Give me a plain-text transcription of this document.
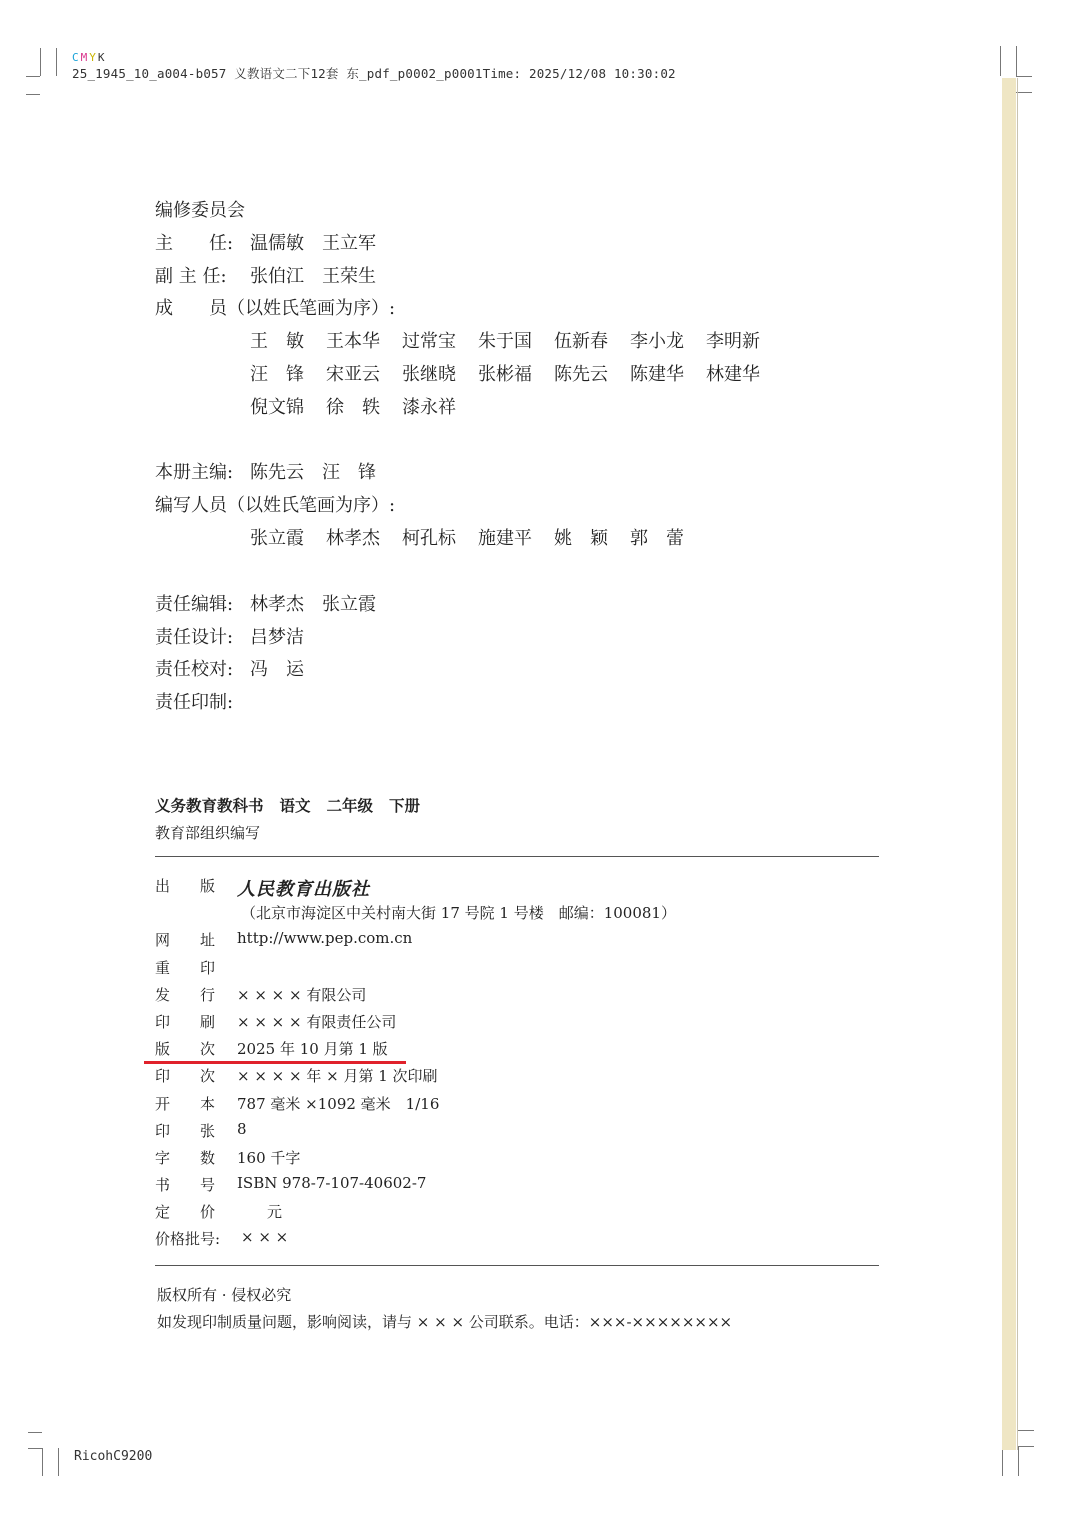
CMYK
25_1945_10_a004-b057 义教语文二下12套 东_pdf_p0002_p0001Time: 2025/12/08 10:30:02
编修委员会
主　　任: 温儒敏　王立军
副 主 任: 张伯江　王荣生
成　　员（以姓氏笔画为序）:
王　敏 王本华 过常宝 朱于国 伍新春 李小龙 李明新
汪　锋 宋亚云 张继晓 张彬福 陈先云 陈建华 林建华
倪文锦 徐　轶 漆永祥
本册主编: 陈先云　汪　锋
编写人员（以姓氏笔画为序）:
张立霞 林孝杰 柯孔标 施建平 姚　颖 郭　蕾
责任编辑: 林孝杰　张立霞
责任设计: 吕梦洁
责任校对: 冯　运
责任印制:
义务教育教科书 语文 二年级 下册
教育部组织编写
出　　版	人民教育出版社
（北京市海淀区中关村南大街 17 号院 1 号楼　邮编：100081）
网　　址	http://www.pep.com.cn
重　　印
发　　行	× × × × 有限公司
印　　刷	× × × × 有限责任公司
版　　次	2025 年 10 月第 1 版
印　　次	× × × × 年 × 月第 1 次印刷
开　　本	787 毫米 ×1092 毫米　1/16
印　　张	8
字　　数	160 千字
书　　号	ISBN 978-7-107-40602-7
定　　价	　　元
价格批号:	× × ×
版权所有 · 侵权必究
如发现印制质量问题，影响阅读，请与 × × × 公司联系。电话：×××-××××××××
RicohC9200
